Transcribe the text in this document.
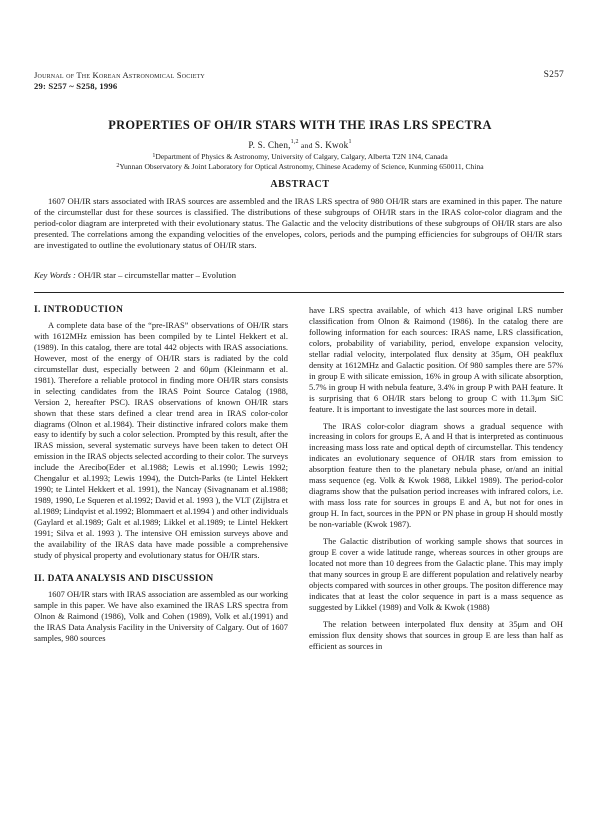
Journal of The Korean Astronomical Society
29: S257 ~ S258, 1996
S257
PROPERTIES OF OH/IR STARS WITH THE IRAS LRS SPECTRA
P. S. Chen,$^{1,2}$ and S. Kwok$^1$
$^1$Department of Physics & Astronomy, University of Calgary, Calgary, Alberta T2N 1N4, Canada
$^2$Yunnan Observatory & Joint Laboratory for Optical Astronomy, Chinese Academy of Science, Kunming 650011, China
ABSTRACT

1607 OH/IR stars associated with IRAS sources are assembled and the IRAS LRS spectra of 980 OH/IR stars are examined in this paper. The nature of the circumstellar dust for these sources is classified. The distributions of these subgroups of OH/IR stars in the IRAS color-color diagram and the period-color diagram are interpreted with their evolutionary status. The Galactic and the velocity distributions of these subgroups of OH/IR stars are also presented. The correlations among the expanding velocities of the envelopes, colors, periods and the pumping efficiencies for subgroups of OH/IR stars are investigated to outline the evolutionary status of OH/IR stars.

Key Words : OH/IR star – circumstellar matter – Evolution
I. INTRODUCTION

A complete data base of the “pre-IRAS” observations of OH/IR stars with 1612MHz emission has been compiled by te Lintel Hekkert et al.(1989). In this catalog, there are total 442 objects with IRAS associations. However, most of the energy of OH/IR stars is radiated by the cold circumstellar dust, especially between 2 and 60μm (Kleinmann et al. 1981). Therefore a reliable protocol in finding more OH/IR stars consists in selecting candidates from the IRAS Point Source Catalog (1988, Version 2, hereafter PSC). IRAS observations of known OH/IR stars shown that these stars defined a clear trend area in IRAS color-color diagrams (Olnon et al.1984). Their distinctive infrared colors make them easy to identify by such a color selection. Prompted by this result, after the IRAS mission, several systematic surveys have been taken to detect OH emission in the IRAS objects selected according to their color. The surveys include the Arecibo(Eder et al.1988; Lewis et al.1990; Lewis 1992; Chengalur et al.1993; Lewis 1994), the Dutch-Parks (te Lintel Hekkert 1990; te Lintel Hekkert et al. 1991), the Nancay (Sivagnanam et al.1988; 1989, 1990, Le Squeren et al.1992; David et al. 1993 ), the VLT (Zijlstra et al.1989; Lindqvist et al.1992; Blommaert et al.1994 ) and other individuals (Gaylard et al.1989; Galt et al.1989; Likkel et al.1989; te Lintel Hekkert 1991; Silva et al. 1993 ). The intensive OH emission surveys above and the availability of the IRAS data have made possible a comprehensive study of physical property and evolutionary status for OH/IR stars.

II. DATA ANALYSIS AND DISCUSSION

1607 OH/IR stars with IRAS association are assembled as our working sample in this paper. We have also examined the IRAS LRS spectra from Olnon & Raimond (1986), Volk and Cohen (1989), Volk et al.(1991) and the IRAS Data Analysis Facility in the University of Calgary. Out of 1607 samples, 980 sources

have LRS spectra available, of which 413 have original LRS number classification from Olnon & Raimond (1986). In the catalog there are following information for each sources: IRAS name, LRS classification, colors, probability of variability, period, envelope expansion velocity, stellar radial velocity, interpolated flux density at 35μm, OH peakflux density at 1612MHz and Galactic position. Of 980 samples there are 57% in group E with silicate emission, 16% in group A with silicate absorption, 5.7% in group H with nebula feature, 3.4% in group P with PAH feature. It is surprising that 6 OH/IR stars belong to group C with 11.3μm SiC feature. It is important to investigate the last sources more in detail.

The IRAS color-color diagram shows a gradual sequence with increasing in colors for groups E, A and H that is interpreted as continuous increasing mass loss rate and optical depth of circumstellar. This tendency indicates an evolutionary sequence of OH/IR stars from emission to absorption feature then to the planetary nebula phase, or/and an initial mass sequence (eg. Volk & Kwok 1988, Likkel 1989). The period-color diagrams show that the pulsation period increases with infrared colors, i.e. with mass loss rate for sources in groups E and A, but not for ones in group H. In fact, sources in the PPN or PN phase in group H should mostly be non-variable (Kwok 1987).

The Galactic distribution of working sample shows that sources in group E cover a wide latitude range, whereas sources in other groups are located not more than 10 degrees from the Galactic plane. This may imply that many sources in group E are different population and relatively nearby objects compared with sources in other groups. The positon difference may indicates that at least the color sequence in part is a mass sequence as suggested by Likkel (1989) and Volk & Kwok (1988)

The relation between interpolated flux density at 35μm and OH emission flux density shows that sources in group E are less than half as efficient as sources in
